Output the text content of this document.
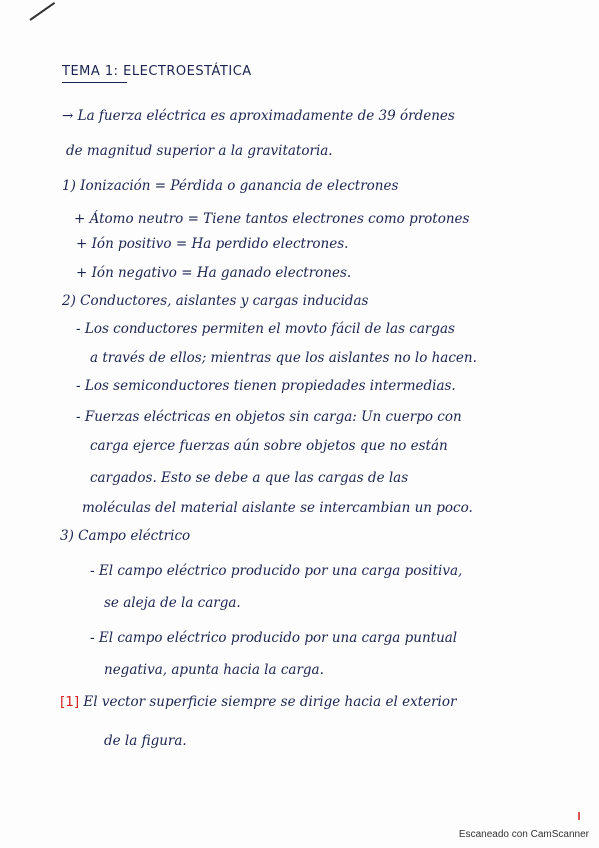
TEMA 1: ELECTROESTÁTICA
→ La fuerza eléctrica es aproximadamente de 39 órdenes
de magnitud superior a la gravitatoria.
1) Ionización = Pérdida o ganancia de electrones
+ Átomo neutro = Tiene tantos electrones como protones
+ Ión positivo = Ha perdido electrones.
+ Ión negativo = Ha ganado electrones.
2) Conductores, aislantes y cargas inducidas
- Los conductores permiten el movto fácil de las cargas
a través de ellos; mientras que los aislantes no lo hacen.
- Los semiconductores tienen propiedades intermedias.
- Fuerzas eléctricas en objetos sin carga: Un cuerpo con
carga ejerce fuerzas aún sobre objetos que no están
cargados. Esto se debe a que las cargas de las
moléculas del material aislante se intercambian un poco.
3) Campo eléctrico
- El campo eléctrico producido por una carga positiva,
se aleja de la carga.
- El campo eléctrico producido por una carga puntual
negativa, apunta hacia la carga.
[1] El vector superficie siempre se dirige hacia el exterior
de la figura.
Escaneado con CamScanner
